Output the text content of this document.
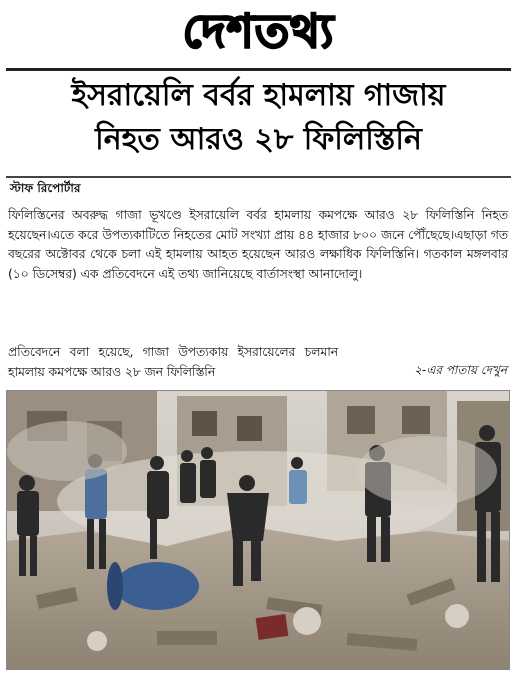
দেশতথ্য
ইসরায়েলি বর্বর হামলায় গাজায়
নিহত আরও ২৮ ফিলিস্তিনি
স্টাফ রিপোর্টার
ফিলিস্তিনের অবরুদ্ধ গাজা ভূখণ্ডে ইসরায়েলি বর্বর হামলায় কমপক্ষে আরও ২৮ ফিলিস্তিনি নিহত হয়েছেন।এতে করে উপত্যকাটিতে নিহতের মোট সংখ্যা প্রায় ৪৪ হাজার ৮০০ জনে পৌঁছেছে।এছাড়া গত বছরের অক্টোবর থেকে চলা এই হামলায় আহত হয়েছেন আরও লক্ষাধিক ফিলিস্তিনি। গতকাল মঙ্গলবার (১০ ডিসেম্বর) এক প্রতিবেদনে এই তথ্য জানিয়েছে বার্তাসংস্থা আনাদোলু।
প্রতিবেদনে বলা হয়েছে, গাজা উপত্যকায় ইসরায়েলের চলমান হামলায় কমপক্ষে আরও ২৮ জন ফিলিস্তিনি	২-এর পাতায় দেখুন
